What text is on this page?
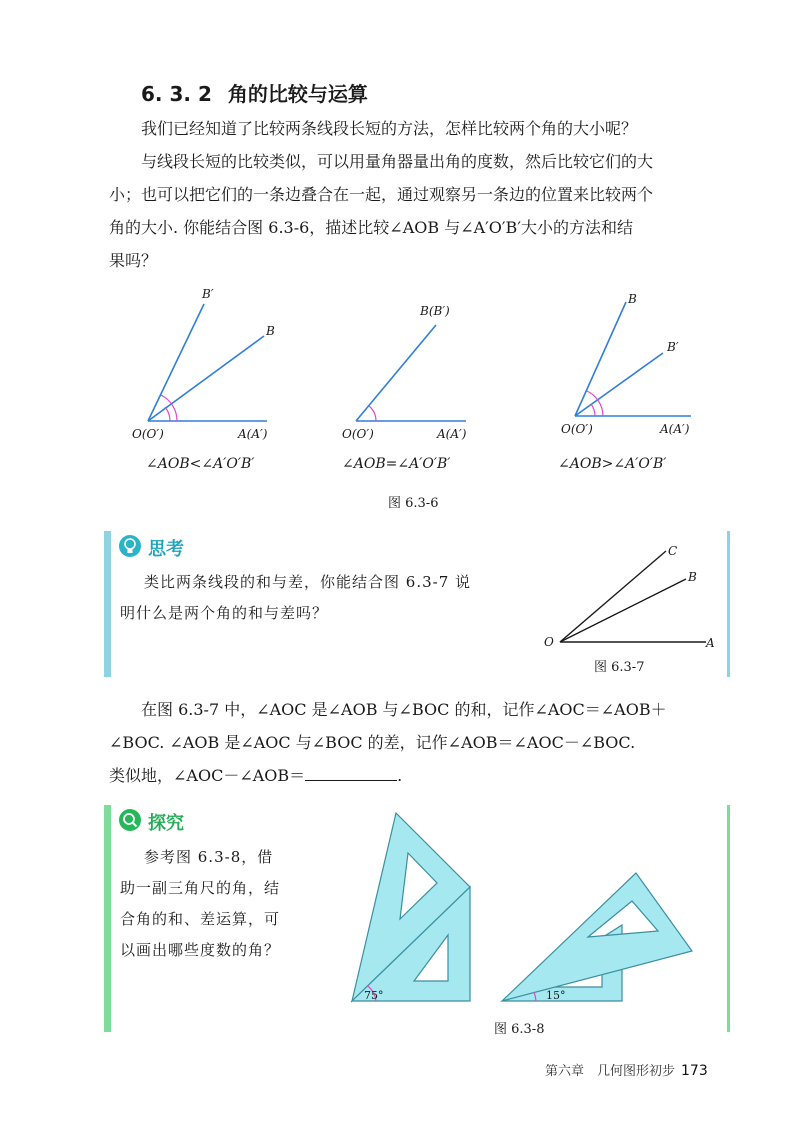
6. 3. 2 角的比较与运算
我们已经知道了比较两条线段长短的方法，怎样比较两个角的大小呢？
与线段长短的比较类似，可以用量角器量出角的度数，然后比较它们的大
小；也可以把它们的一条边叠合在一起，通过观察另一条边的位置来比较两个
角的大小. 你能结合图 6.3-6，描述比较∠AOB 与∠A′O′B′大小的方法和结
果吗？
B′
B
O(O′)	A(A′)
∠AOB<∠A′O′B′
B(B′)
O(O′)	A(A′)
∠AOB=∠A′O′B′
B
B′
O(O′)	A(A′)
∠AOB>∠A′O′B′
图 6.3-6
思考
类比两条线段的和与差，你能结合图 6.3-7 说
明什么是两个角的和与差吗？
C
B
O	A
图 6.3-7
在图 6.3-7 中，∠AOC 是∠AOB 与∠BOC 的和，记作∠AOC＝∠AOB＋
∠BOC. ∠AOB 是∠AOC 与∠BOC 的差，记作∠AOB＝∠AOC－∠BOC.
类似地，∠AOC－∠AOB＝	.
探究
参考图 6.3-8，借
助一副三角尺的角，结
合角的和、差运算，可
以画出哪些度数的角？
75°	15°
图 6.3-8
第六章　几何图形初步 173
